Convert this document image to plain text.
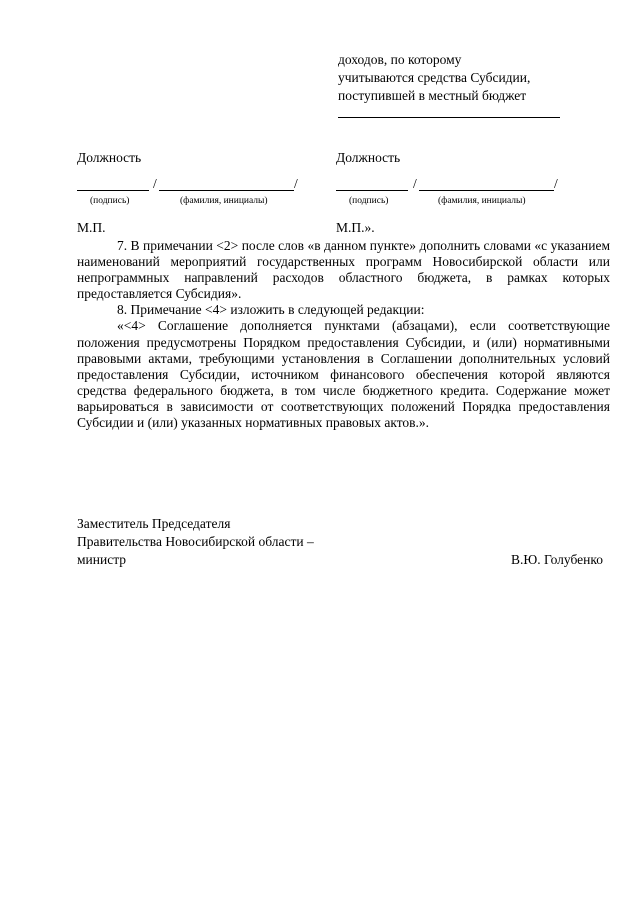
доходов, по которому
учитываются средства Субсидии,
поступившей в местный бюджет
Должность
/	/
(подпись)	(фамилия, инициалы)
М.П.
Должность
/	/
(подпись)	(фамилия, инициалы)
М.П.».
7. В примечании <2> после слов «в данном пункте» дополнить словами «с указанием наименований мероприятий государственных программ Новосибирской области или непрограммных направлений расходов областного бюджета, в рамках которых предоставляется Субсидия».
8. Примечание <4> изложить в следующей редакции:
«<4> Соглашение дополняется пунктами (абзацами), если соответствующие положения предусмотрены Порядком предоставления Субсидии, и (или) нормативными правовыми актами, требующими установления в Соглашении дополнительных условий предоставления Субсидии, источником финансового обеспечения которой являются средства федерального бюджета, в том числе бюджетного кредита. Содержание может варьироваться в зависимости от соответствующих положений Порядка предоставления Субсидии и (или) указанных нормативных правовых актов.».
Заместитель Председателя
Правительства Новосибирской области –
министр	В.Ю. Голубенко
